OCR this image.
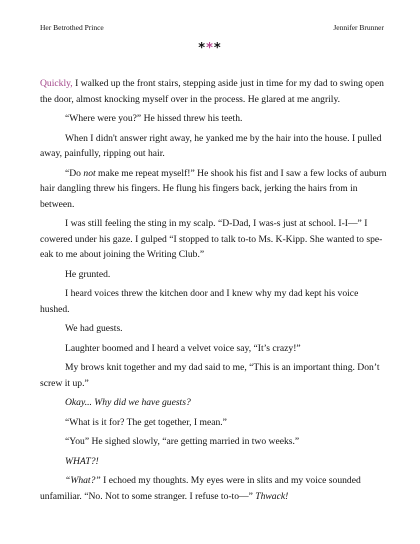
Her Betrothed Prince	Jennifer Brunner
***

Quickly, I walked up the front stairs, stepping aside just in time for my dad to swing open the door, almost knocking myself over in the process. He glared at me angrily.

“Where were you?” He hissed threw his teeth.

When I didn't answer right away, he yanked me by the hair into the house. I pulled away, painfully, ripping out hair.

“Do not make me repeat myself!” He shook his fist and I saw a few locks of auburn hair dangling threw his fingers. He flung his fingers back, jerking the hairs from in between.

I was still feeling the sting in my scalp. “D-Dad, I was-s just at school. I-I—” I cowered under his gaze. I gulped “I stopped to talk to-to Ms. K-Kipp. She wanted to spe-eak to me about joining the Writing Club.”

He grunted.

I heard voices threw the kitchen door and I knew why my dad kept his voice hushed.

We had guests.

Laughter boomed and I heard a velvet voice say, “It’s crazy!”

My brows knit together and my dad said to me, “This is an important thing. Don’t screw it up.”

Okay... Why did we have guests?

“What is it for? The get together, I mean.”

“You” He sighed slowly, “are getting married in two weeks.”

WHAT?!

“What?” I echoed my thoughts. My eyes were in slits and my voice sounded unfamiliar. “No. Not to some stranger. I refuse to-to—” Thwack!
